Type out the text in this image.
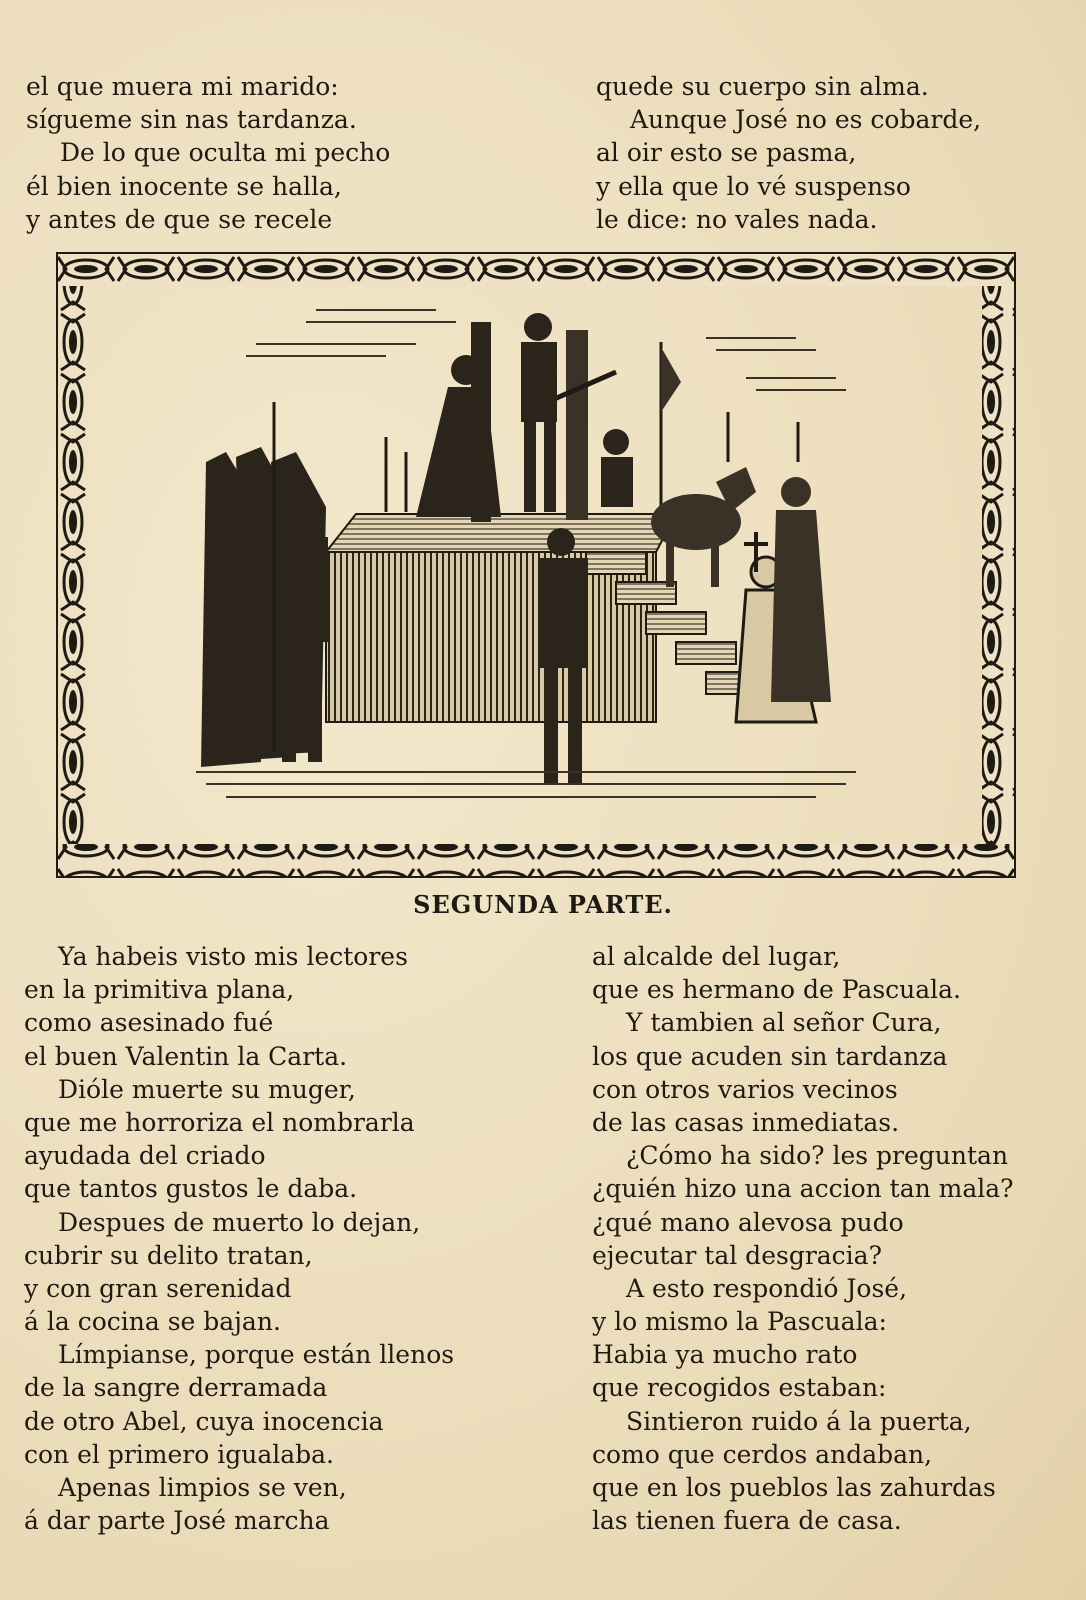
el que muera mi marido:
sígueme sin nas tardanza.
De lo que oculta mi pecho
él bien inocente se halla,
y antes de que se recele
quede su cuerpo sin alma.
Aunque José no es cobarde,
al oir esto se pasma,
y ella que lo vé suspenso
le dice: no vales nada.
SEGUNDA PARTE.
Ya habeis visto mis lectores
en la primitiva plana,
como asesinado fué
el buen Valentin la Carta.
Dióle muerte su muger,
que me horroriza el nombrarla
ayudada del criado
que tantos gustos le daba.
Despues de muerto lo dejan,
cubrir su delito tratan,
y con gran serenidad
á la cocina se bajan.
Límpianse, porque están llenos
de la sangre derramada
de otro Abel, cuya inocencia
con el primero igualaba.
Apenas limpios se ven,
á dar parte José marcha
al alcalde del lugar,
que es hermano de Pascuala.
Y tambien al señor Cura,
los que acuden sin tardanza
con otros varios vecinos
de las casas inmediatas.
¿Cómo ha sido? les preguntan
¿quién hizo una accion tan mala?
¿qué mano alevosa pudo
ejecutar tal desgracia?
A esto respondió José,
y lo mismo la Pascuala:
Habia ya mucho rato
que recogidos estaban:
Sintieron ruido á la puerta,
como que cerdos andaban,
que en los pueblos las zahurdas
las tienen fuera de casa.
